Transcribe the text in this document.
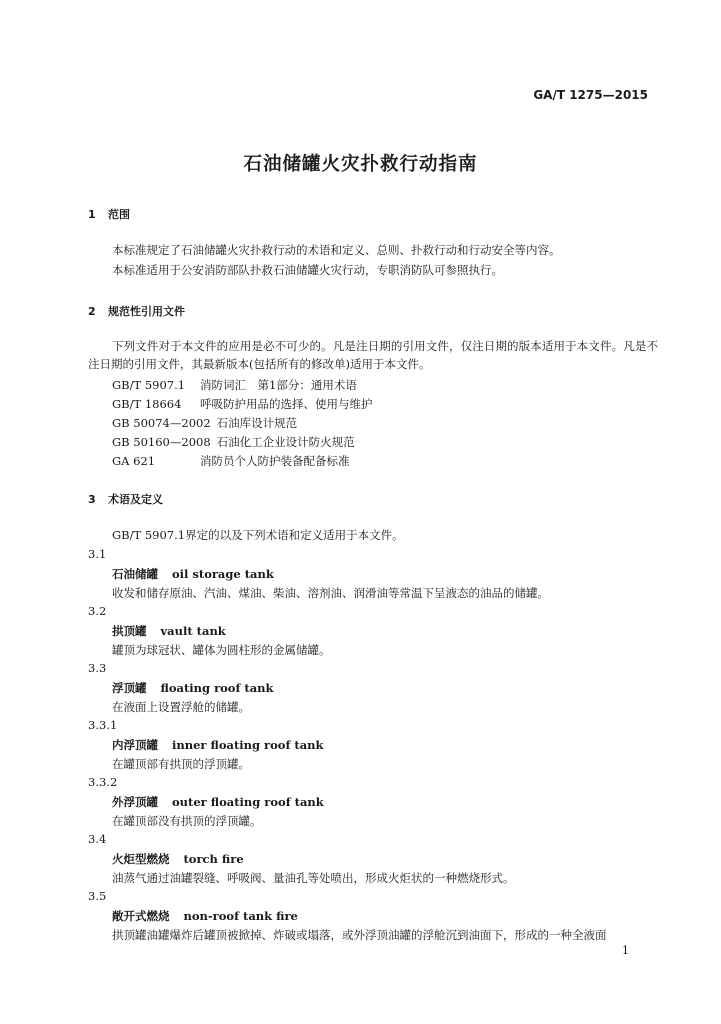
GA/T 1275—2015
石油储罐火灾扑救行动指南
1 范围
本标准规定了石油储罐火灾扑救行动的术语和定义、总则、扑救行动和行动安全等内容。
本标准适用于公安消防部队扑救石油储罐火灾行动，专职消防队可参照执行。
2 规范性引用文件
下列文件对于本文件的应用是必不可少的。凡是注日期的引用文件，仅注日期的版本适用于本文件。凡是不注日期的引用文件，其最新版本(包括所有的修改单)适用于本文件。
GB/T 5907.1 消防词汇　第1部分：通用术语
GB/T 18664 呼吸防护用品的选择、使用与维护
GB 50074—2002 石油库设计规范
GB 50160—2008 石油化工企业设计防火规范
GA 621	消防员个人防护装备配备标准
3 术语及定义
GB/T 5907.1界定的以及下列术语和定义适用于本文件。
3.1
石油储罐 oil storage tank
收发和储存原油、汽油、煤油、柴油、溶剂油、润滑油等常温下呈液态的油品的储罐。
3.2
拱顶罐 vault tank
罐顶为球冠状、罐体为圆柱形的金属储罐。
3.3
浮顶罐 floating roof tank
在液面上设置浮舱的储罐。
3.3.1
内浮顶罐 inner floating roof tank
在罐顶部有拱顶的浮顶罐。
3.3.2
外浮顶罐 outer floating roof tank
在罐顶部没有拱顶的浮顶罐。
3.4
火炬型燃烧 torch fire
油蒸气通过油罐裂缝、呼吸阀、量油孔等处喷出，形成火炬状的一种燃烧形式。
3.5
敞开式燃烧 non-roof tank fire
拱顶罐油罐爆炸后罐顶被掀掉、炸破或塌落，或外浮顶油罐的浮舱沉到油面下，形成的一种全液面
1
